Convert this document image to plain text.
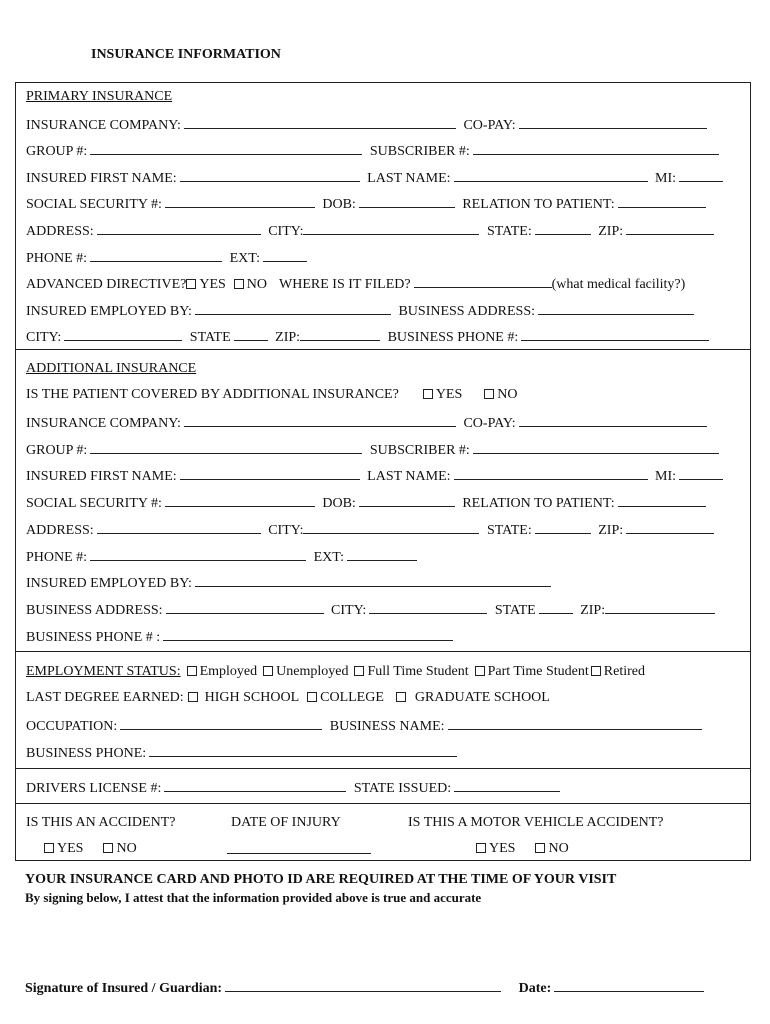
INSURANCE INFORMATION
PRIMARY INSURANCE
INSURANCE COMPANY:	CO-PAY:
GROUP #:	SUBSCRIBER #:
INSURED FIRST NAME:	LAST NAME:	MI:
SOCIAL SECURITY #:	DOB:	RELATION TO PATIENT:
ADDRESS:	CITY:	STATE:	ZIP:
PHONE #:	EXT:
ADVANCED DIRECTIVE? YES NO WHERE IS IT FILED?	(what medical facility?)
INSURED EMPLOYED BY:	BUSINESS ADDRESS:
CITY:	STATE	ZIP:	BUSINESS PHONE #:
ADDITIONAL INSURANCE
IS THE PATIENT COVERED BY ADDITIONAL INSURANCE?	YES	NO
INSURANCE COMPANY:	CO-PAY:
GROUP #:	SUBSCRIBER #:
INSURED FIRST NAME:	LAST NAME:	MI:
SOCIAL SECURITY #:	DOB:	RELATION TO PATIENT:
ADDRESS:	CITY:	STATE:	ZIP:
PHONE #:	EXT:
INSURED EMPLOYED BY:
BUSINESS ADDRESS:	CITY:	STATE	ZIP:
BUSINESS PHONE # :
EMPLOYMENT STATUS: Employed Unemployed Full Time Student Part Time Student Retired
LAST DEGREE EARNED: HIGH SCHOOL COLLEGE GRADUATE SCHOOL
OCCUPATION:	BUSINESS NAME:
BUSINESS PHONE:
DRIVERS LICENSE #:	STATE ISSUED:
IS THIS AN ACCIDENT?	DATE OF INJURY	IS THIS A MOTOR VEHICLE ACCIDENT?
YES NO	YES NO
YOUR INSURANCE CARD AND PHOTO ID ARE REQUIRED AT THE TIME OF YOUR VISIT
By signing below, I attest that the information provided above is true and accurate
Signature of Insured / Guardian:	Date:
